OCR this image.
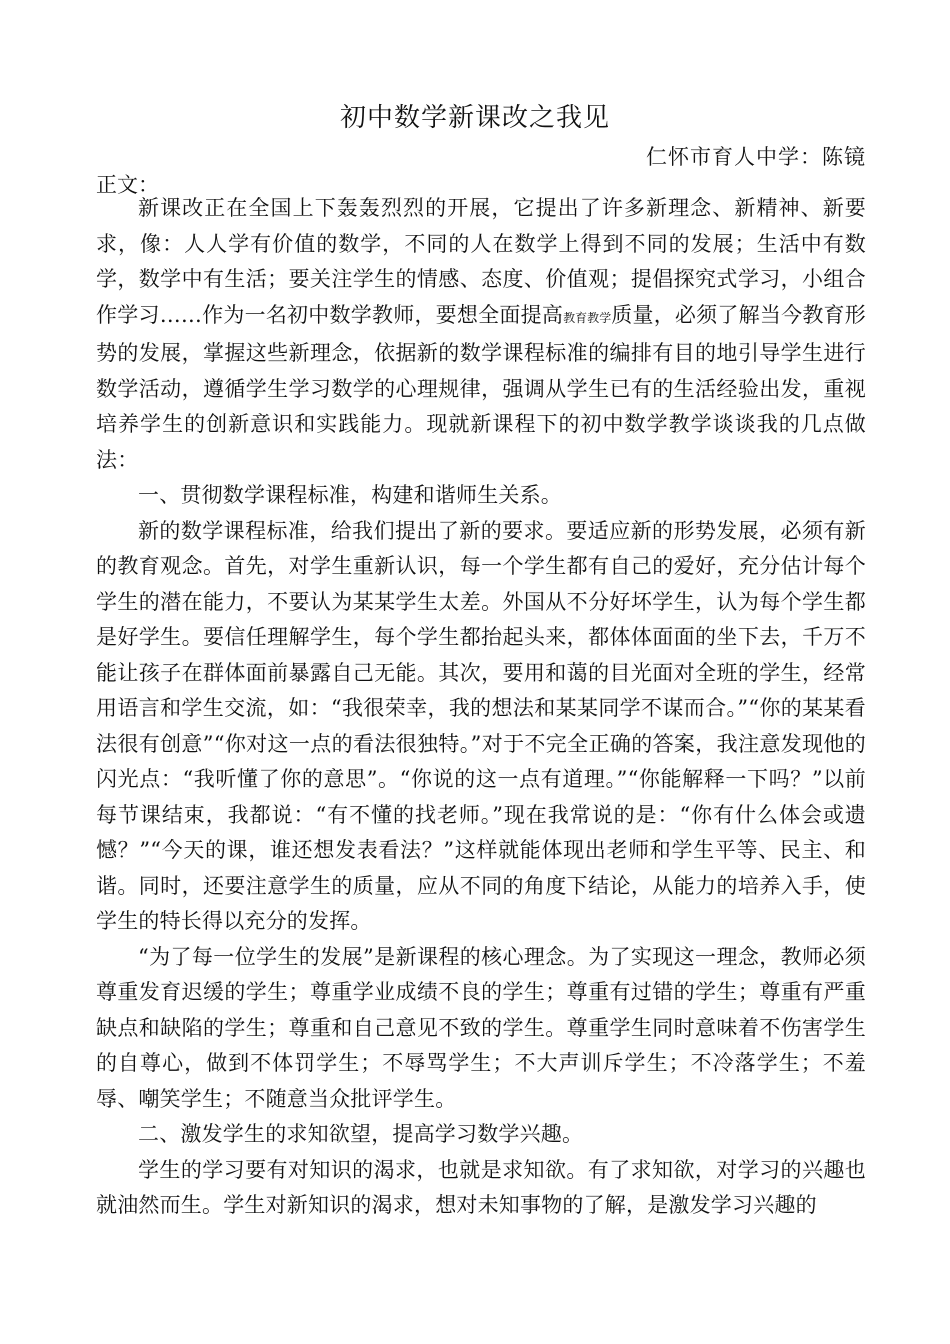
初中数学新课改之我见
仁怀市育人中学：陈镜
正文：

新课改正在全国上下轰轰烈烈的开展，它提出了许多新理念、新精神、新要求，像：人人学有价值的数学，不同的人在数学上得到不同的发展；生活中有数学，数学中有生活；要关注学生的情感、态度、价值观；提倡探究式学习，小组合作学习……作为一名初中数学教师，要想全面提高教育教学质量，必须了解当今教育形势的发展，掌握这些新理念，依据新的数学课程标准的编排有目的地引导学生进行数学活动，遵循学生学习数学的心理规律，强调从学生已有的生活经验出发，重视培养学生的创新意识和实践能力。现就新课程下的初中数学教学谈谈我的几点做法：

一、贯彻数学课程标准，构建和谐师生关系。

新的数学课程标准，给我们提出了新的要求。要适应新的形势发展，必须有新的教育观念。首先，对学生重新认识，每一个学生都有自己的爱好，充分估计每个学生的潜在能力，不要认为某某学生太差。外国从不分好坏学生，认为每个学生都是好学生。要信任理解学生，每个学生都抬起头来，都体体面面的坐下去，千万不能让孩子在群体面前暴露自己无能。其次，要用和蔼的目光面对全班的学生，经常用语言和学生交流，如：“我很荣幸，我的想法和某某同学不谋而合。”“你的某某看法很有创意”“你对这一点的看法很独特。”对于不完全正确的答案，我注意发现他的闪光点：“我听懂了你的意思”。“你说的这一点有道理。”“你能解释一下吗？”以前每节课结束，我都说：“有不懂的找老师。”现在我常说的是：“你有什么体会或遗憾？”“今天的课，谁还想发表看法？”这样就能体现出老师和学生平等、民主、和谐。同时，还要注意学生的质量，应从不同的角度下结论，从能力的培养入手，使学生的特长得以充分的发挥。

“为了每一位学生的发展”是新课程的核心理念。为了实现这一理念，教师必须尊重发育迟缓的学生；尊重学业成绩不良的学生；尊重有过错的学生；尊重有严重缺点和缺陷的学生；尊重和自己意见不致的学生。尊重学生同时意味着不伤害学生的自尊心，做到不体罚学生；不辱骂学生；不大声训斥学生；不冷落学生；不羞辱、嘲笑学生；不随意当众批评学生。

二、激发学生的求知欲望，提高学习数学兴趣。

学生的学习要有对知识的渴求，也就是求知欲。有了求知欲，对学习的兴趣也就油然而生。学生对新知识的渴求，想对未知事物的了解，是激发学习兴趣的
